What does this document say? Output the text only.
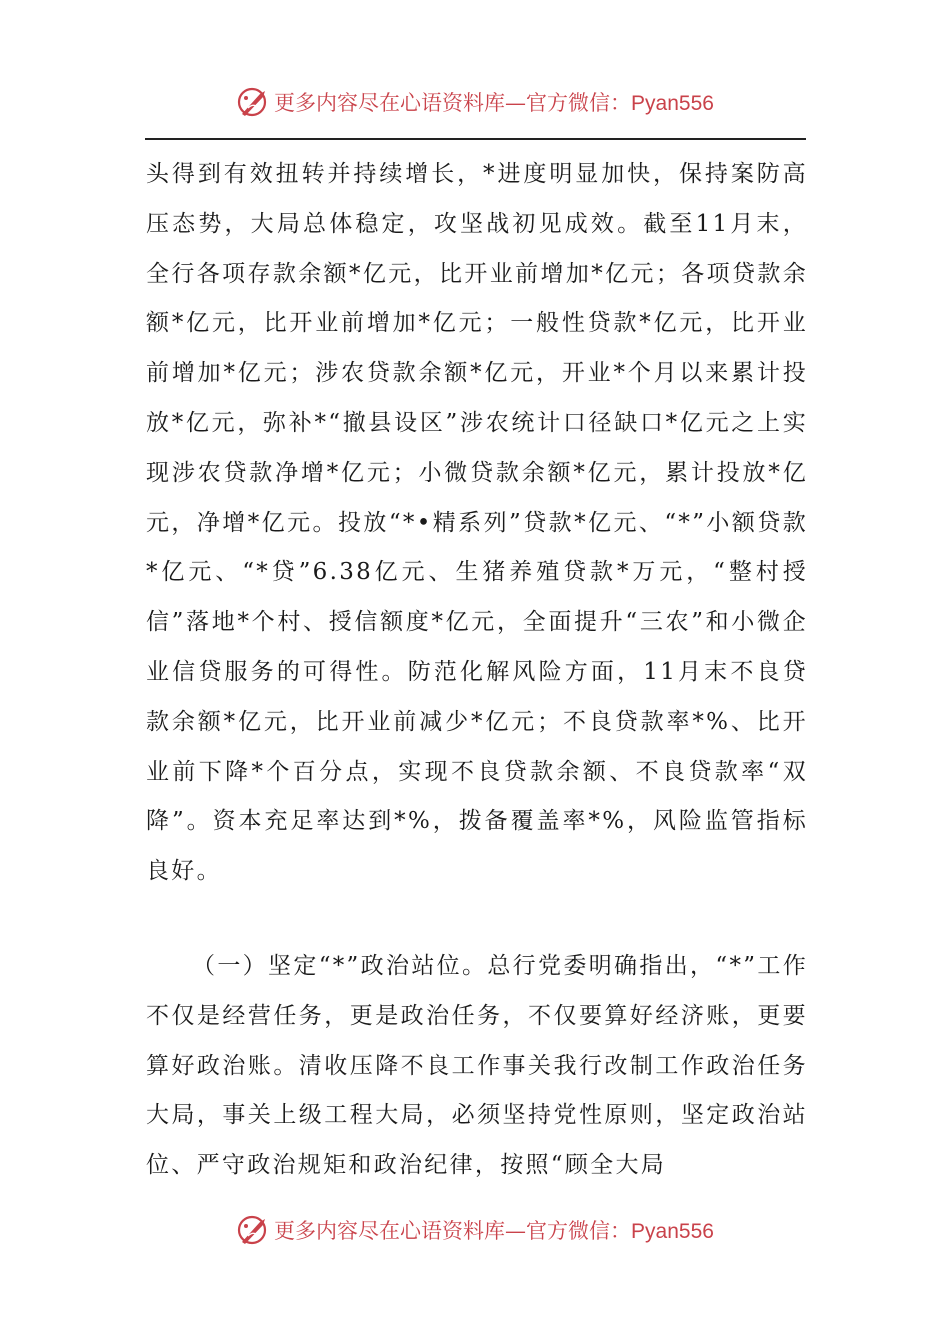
更多内容尽在心语资料库—官方微信：Pyan556

头得到有效扭转并持续增长，*进度明显加快，保持案防高压态势，大局总体稳定，攻坚战初见成效。截至11月末，全行各项存款余额*亿元，比开业前增加*亿元；各项贷款余额*亿元，比开业前增加*亿元；一般性贷款*亿元，比开业前增加*亿元；涉农贷款余额*亿元，开业*个月以来累计投放*亿元，弥补*“撤县设区”涉农统计口径缺口*亿元之上实现涉农贷款净增*亿元；小微贷款余额*亿元，累计投放*亿元，净增*亿元。投放“*•精系列”贷款*亿元、“*”小额贷款*亿元、“*贷”6.38亿元、生猪养殖贷款*万元，“整村授信”落地*个村、授信额度*亿元，全面提升“三农”和小微企业信贷服务的可得性。防范化解风险方面，11月末不良贷款余额*亿元，比开业前减少*亿元；不良贷款率*%、比开业前下降*个百分点，实现不良贷款余额、不良贷款率“双降”。资本充足率达到*%，拨备覆盖率*%，风险监管指标良好。

（一）坚定“*”政治站位。总行党委明确指出，“*”工作不仅是经营任务，更是政治任务，不仅要算好经济账，更要算好政治账。清收压降不良工作事关我行改制工作政治任务大局，事关上级工程大局，必须坚持党性原则，坚定政治站位、严守政治规矩和政治纪律，按照“顾全大局

更多内容尽在心语资料库—官方微信：Pyan556
